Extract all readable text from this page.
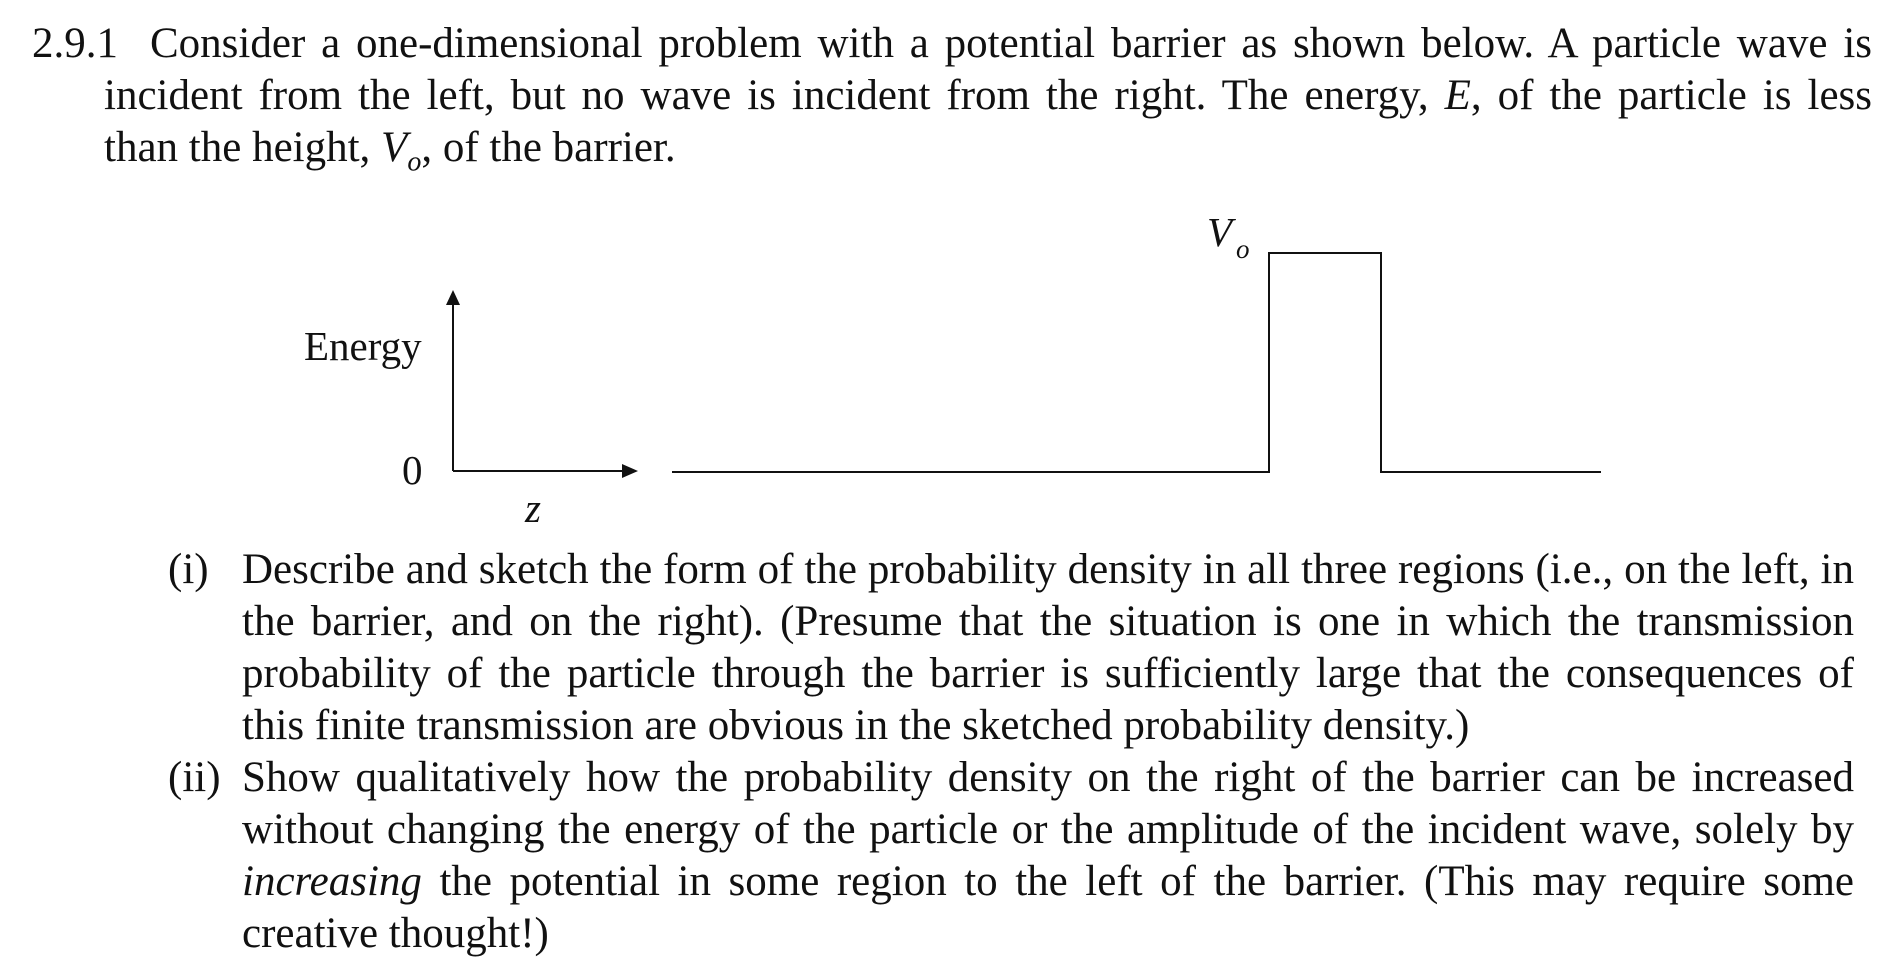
2.9.1 Consider a one-dimensional problem with a potential barrier as shown below. A particle wave is
incident from the left, but no wave is incident from the right. The energy, E, of the particle is less
than the height, $V_o$, of the barrier.
Energy
0
z
V $_o$
(i) Describe and sketch the form of the probability density in all three regions (i.e., on the left, in
the barrier, and on the right). (Presume that the situation is one in which the transmission
probability of the particle through the barrier is sufficiently large that the consequences of
this finite transmission are obvious in the sketched probability density.)
(ii) Show qualitatively how the probability density on the right of the barrier can be increased
without changing the energy of the particle or the amplitude of the incident wave, solely by
increasing the potential in some region to the left of the barrier. (This may require some
creative thought!)
